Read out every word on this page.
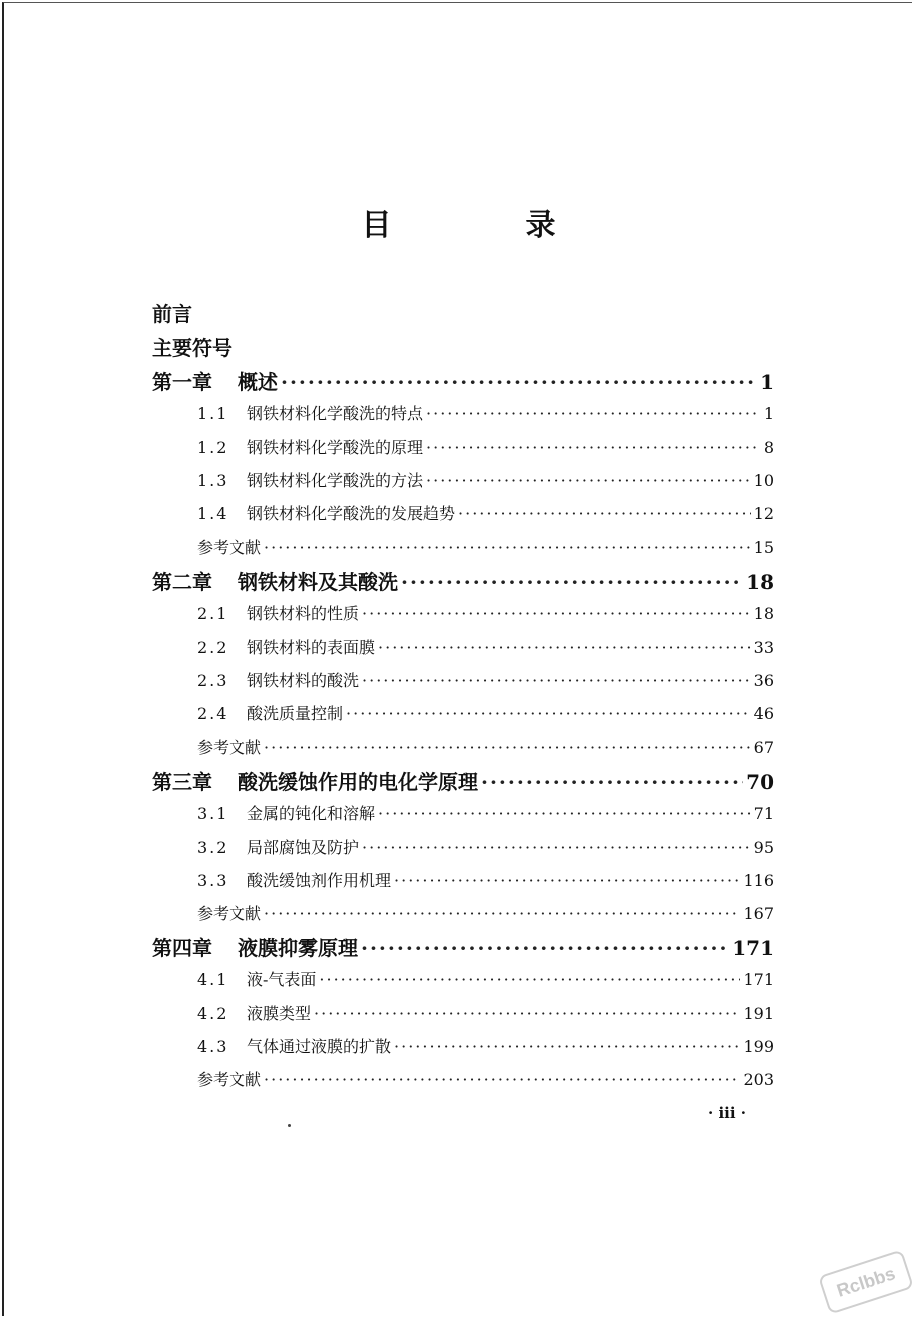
目　录
前言
主要符号
第一章 概述 ·····	1
1.1	钢铁材料化学酸洗的特点 ·····	1
1.2	钢铁材料化学酸洗的原理 ·····	8
1.3	钢铁材料化学酸洗的方法 ·····	10
1.4	钢铁材料化学酸洗的发展趋势 ·····	12
参考文献 ·····	15
第二章 钢铁材料及其酸洗 ·····	18
2.1	钢铁材料的性质 ·····	18
2.2	钢铁材料的表面膜 ·····	33
2.3	钢铁材料的酸洗 ·····	36
2.4	酸洗质量控制 ·····	46
参考文献 ·····	67
第三章 酸洗缓蚀作用的电化学原理 ·····	70
3.1	金属的钝化和溶解 ·····	71
3.2	局部腐蚀及防护 ·····	95
3.3	酸洗缓蚀剂作用机理 ·····	116
参考文献 ·····	167
第四章 液膜抑雾原理 ·····	171
4.1	液-气表面 ·····	171
4.2	液膜类型 ·····	191
4.3	气体通过液膜的扩散 ·····	199
参考文献 ·····	203
· iii ·
Rclbbs
